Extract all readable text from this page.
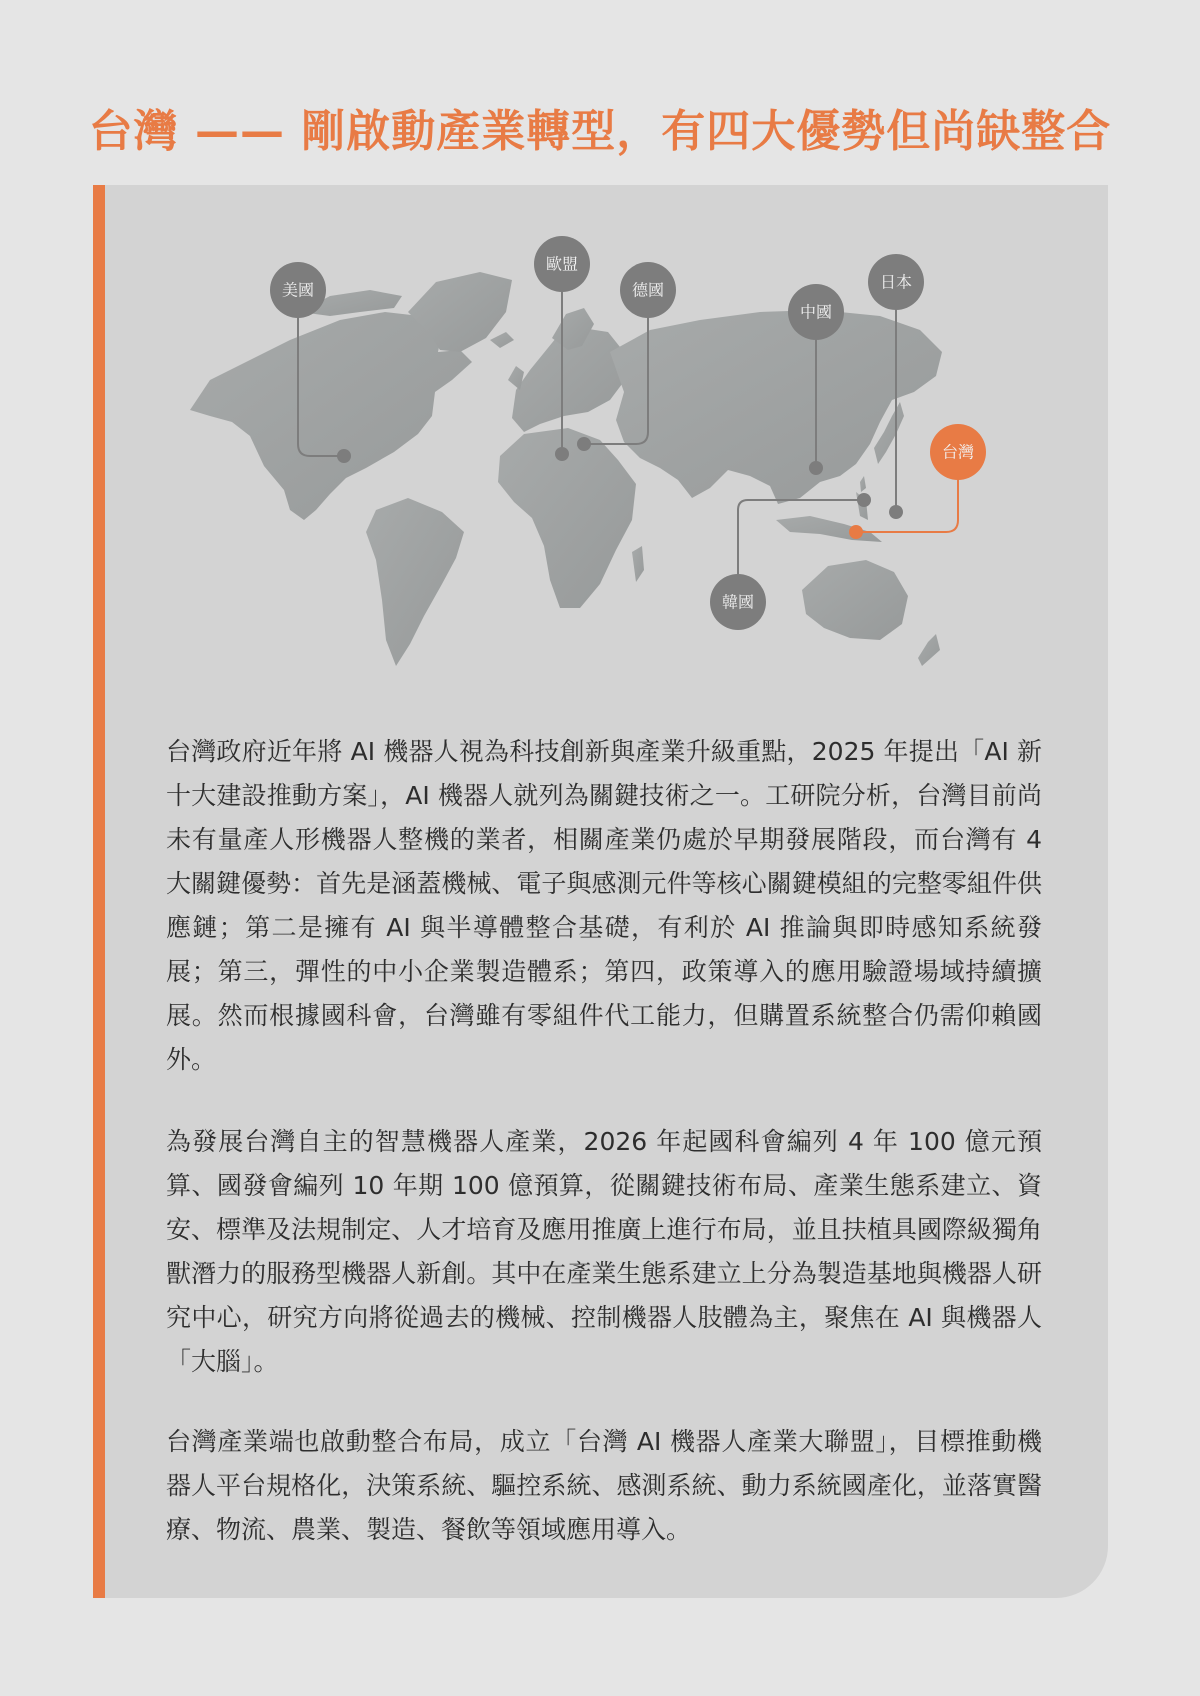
台灣 —— 剛啟動產業轉型，有四大優勢但尚缺整合
美國
歐盟
德國
中國
日本
台灣
韓國

台灣政府近年將 AI 機器人視為科技創新與產業升級重點，2025 年提出「AI 新十大建設推動方案」，AI 機器人就列為關鍵技術之一。工研院分析，台灣目前尚未有量產人形機器人整機的業者，相關產業仍處於早期發展階段，而台灣有 4 大關鍵優勢：首先是涵蓋機械、電子與感測元件等核心關鍵模組的完整零組件供應鏈；第二是擁有 AI 與半導體整合基礎，有利於 AI 推論與即時感知系統發展；第三，彈性的中小企業製造體系；第四，政策導入的應用驗證場域持續擴展。然而根據國科會，台灣雖有零組件代工能力，但購置系統整合仍需仰賴國外。

為發展台灣自主的智慧機器人產業，2026 年起國科會編列 4 年 100 億元預算、國發會編列 10 年期 100 億預算，從關鍵技術布局、產業生態系建立、資安、標準及法規制定、人才培育及應用推廣上進行布局，並且扶植具國際級獨角獸潛力的服務型機器人新創。其中在產業生態系建立上分為製造基地與機器人研究中心，研究方向將從過去的機械、控制機器人肢體為主，聚焦在 AI 與機器人「大腦」。

台灣產業端也啟動整合布局，成立「台灣 AI 機器人產業大聯盟」，目標推動機器人平台規格化，決策系統、驅控系統、感測系統、動力系統國產化，並落實醫療、物流、農業、製造、餐飲等領域應用導入。
